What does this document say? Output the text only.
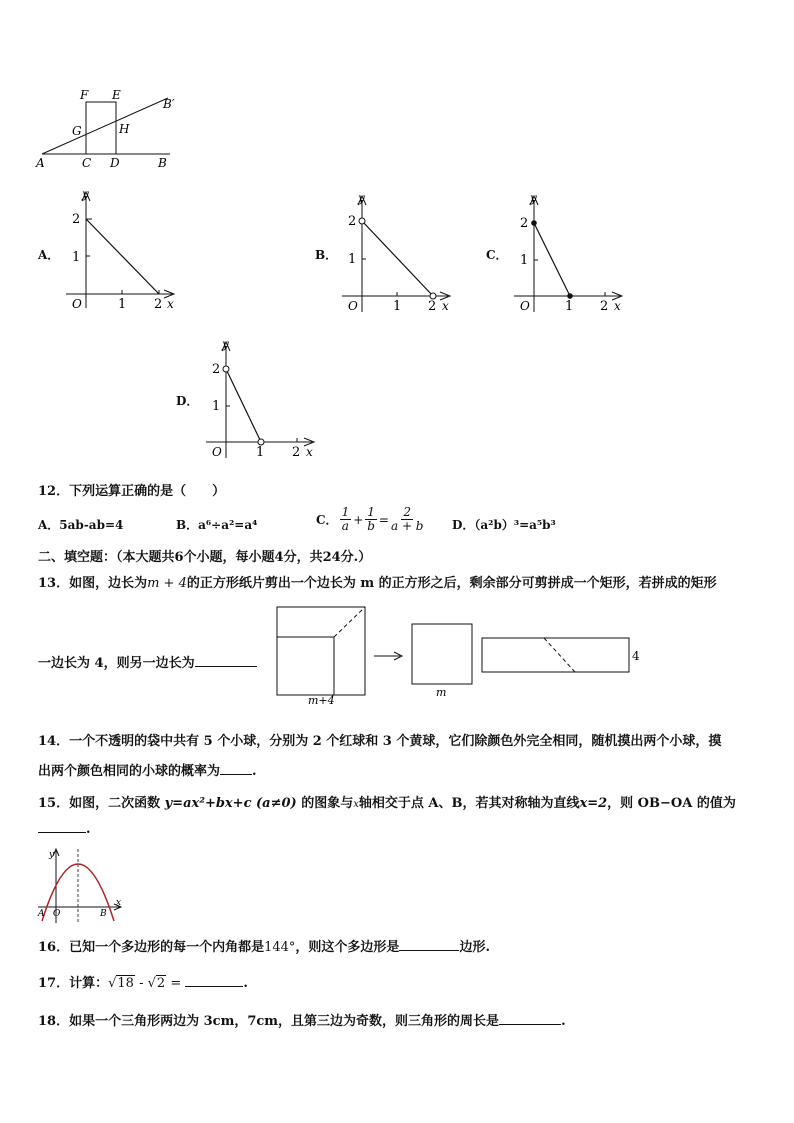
F E
G	H
B′
A	C D	B
A．
y
2
1
O	1 2 x
B．
y
2
1
O	1 2 x
C．
y
2
1
O	1 2 x
D．
y
2
1
O	1 2 x
12．下列运算正确的是（　　）
A．5ab-ab=4	B．a⁶÷a²=a⁴	C． $\frac{1}{a} + \frac{1}{b} = \frac{2}{a + b}$ D．（a²b）³=a⁵b³
二、填空题：（本大题共6个小题，每小题4分，共24分.）
13．如图，边长为m + 4的正方形纸片剪出一个边长为 m 的正方形之后，剩余部分可剪拼成一个矩形，若拼成的矩形
一边长为 4，则另一边长为
m+4
m
4
14．一个不透明的袋中共有 5 个小球，分别为 2 个红球和 3 个黄球，它们除颜色外完全相同，随机摸出两个小球，摸
出两个颜色相同的小球的概率为 .
15．如图，二次函数 y=ax²+bx+c (a≠0) 的图象与x轴相交于点 A、B，若其对称轴为直线x=2，则 OB−OA 的值为
.
y
x
O
A	B
16．已知一个多边形的每一个内角都是144°，则这个多边形是	边形.
17．计算：√18 - √2 =	.
18．如果一个三角形两边为 3cm，7cm，且第三边为奇数，则三角形的周长是	.
